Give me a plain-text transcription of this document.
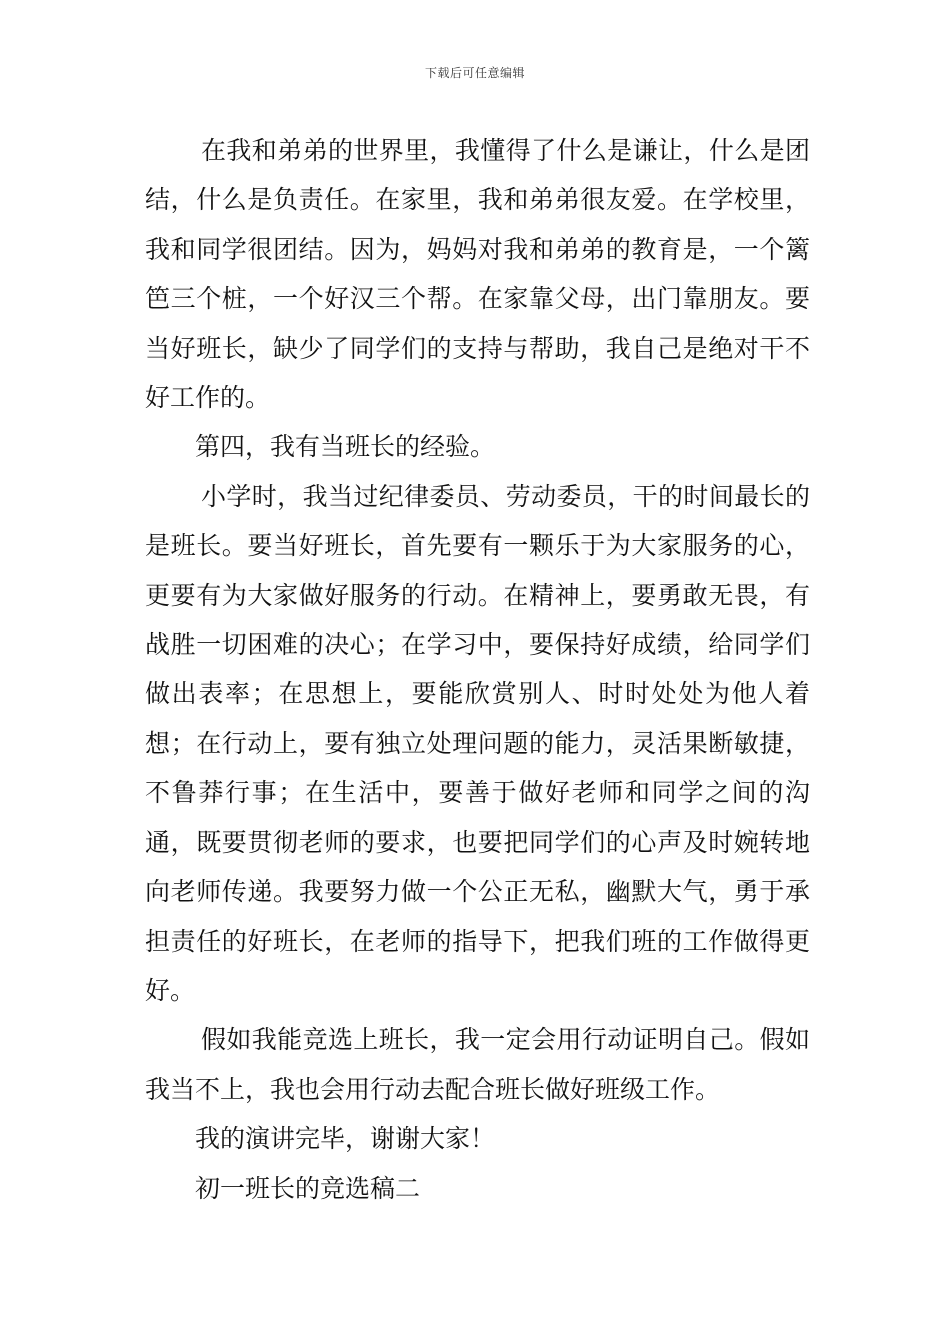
下载后可任意编辑

在我和弟弟的世界里，我懂得了什么是谦让，什么是团结，什么是负责任。在家里，我和弟弟很友爱。在学校里，我和同学很团结。因为，妈妈对我和弟弟的教育是，一个篱笆三个桩，一个好汉三个帮。在家靠父母，出门靠朋友。要当好班长，缺少了同学们的支持与帮助，我自己是绝对干不好工作的。

第四，我有当班长的经验。

小学时，我当过纪律委员、劳动委员，干的时间最长的是班长。要当好班长，首先要有一颗乐于为大家服务的心，更要有为大家做好服务的行动。在精神上，要勇敢无畏，有战胜一切困难的决心；在学习中，要保持好成绩，给同学们做出表率；在思想上，要能欣赏别人、时时处处为他人着想；在行动上，要有独立处理问题的能力，灵活果断敏捷，不鲁莽行事；在生活中，要善于做好老师和同学之间的沟通，既要贯彻老师的要求，也要把同学们的心声及时婉转地向老师传递。我要努力做一个公正无私，幽默大气，勇于承担责任的好班长，在老师的指导下，把我们班的工作做得更好。

假如我能竞选上班长，我一定会用行动证明自己。假如我当不上，我也会用行动去配合班长做好班级工作。

我的演讲完毕，谢谢大家！

初一班长的竞选稿二
